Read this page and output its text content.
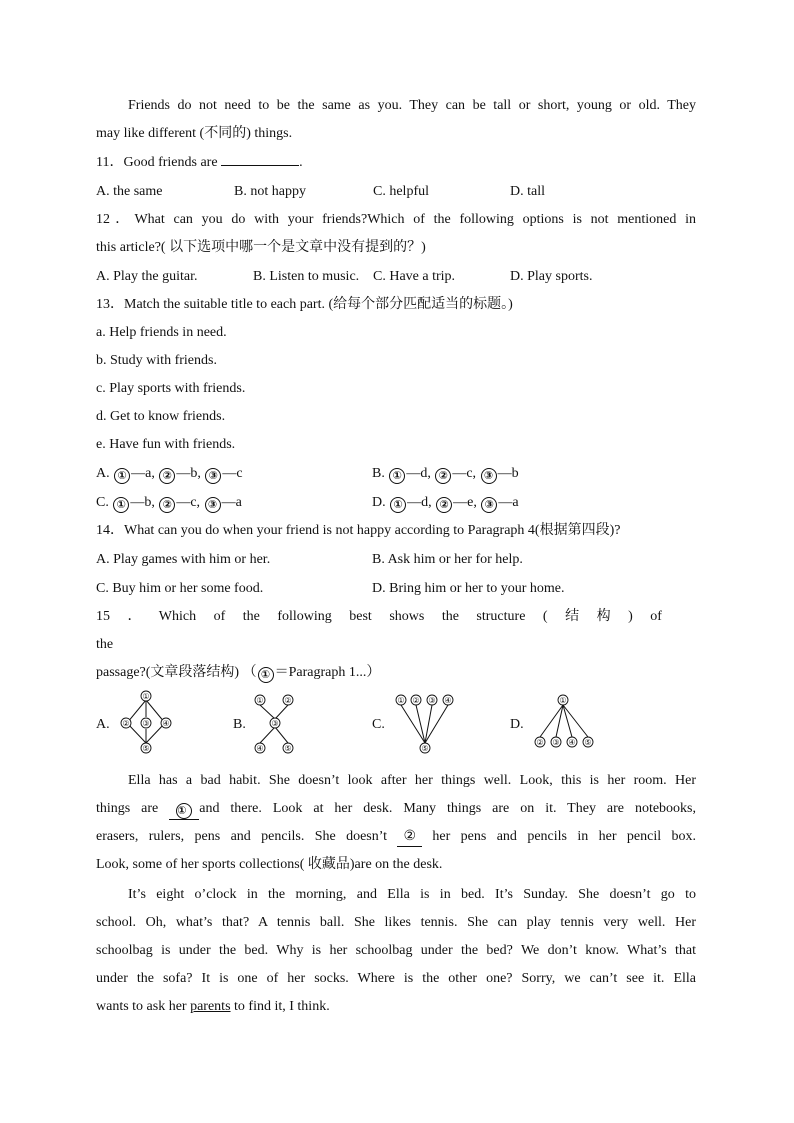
Friends do not need to be the same as you. They can be tall or short, young or old. They

may like different (不同的) things.

11．Good friends are	.
A. the same	B. not happy	C. helpful	D. tall

12．What can you do with your friends?Which of the following options is not mentioned in

this article?( 以下选项中哪一个是文章中没有提到的？)

A. Play the guitar.	B. Listen to music. C. Have a trip.	D. Play sports.

13．Match the suitable title to each part. (给每个部分匹配适当的标题。)

a. Help friends in need.

b. Study with friends.

c. Play sports with friends.

d. Get to know friends.

e. Have fun with friends.

A. ① —a, ② —b, ③ —c	B. ① —d, ② —c, ③ —b
C. ① —b, ② —c, ③ —a	D. ① —d, ② —e, ③ —a

14．What can you do when your friend is not happy according to Paragraph 4(根据第四段)?

A. Play games with him or her.	B. Ask him or her for help.
C. Buy him or her some food.	D. Bring him or her to your home.

15 ． Which of the following best shows the structure ( 结 构 ) of the

passage?(文章段落结构) （ ① ＝Paragraph 1...）

A.
①
② ③ ④
⑤
B.
①	②
③
④	⑤
C.
① ② ③ ④
⑤
D.
①
② ③ ④ ⑤

Ella has a bad habit. She doesn’t look after her things well. Look, this is her room. Her

things are ① and there. Look at her desk. Many things are on it. They are notebooks,

erasers, rulers, pens and pencils. She doesn’t ② her pens and pencils in her pencil box.

Look, some of her sports collections( 收藏品)are on the desk.

It’s eight o’clock in the morning, and Ella is in bed. It’s Sunday. She doesn’t go to

school. Oh, what’s that? A tennis ball. She likes tennis. She can play tennis very well. Her

schoolbag is under the bed. Why is her schoolbag under the bed? We don’t know. What’s that

under the sofa? It is one of her socks. Where is the other one? Sorry, we can’t see it. Ella

wants to ask her parents to find it, I think.
